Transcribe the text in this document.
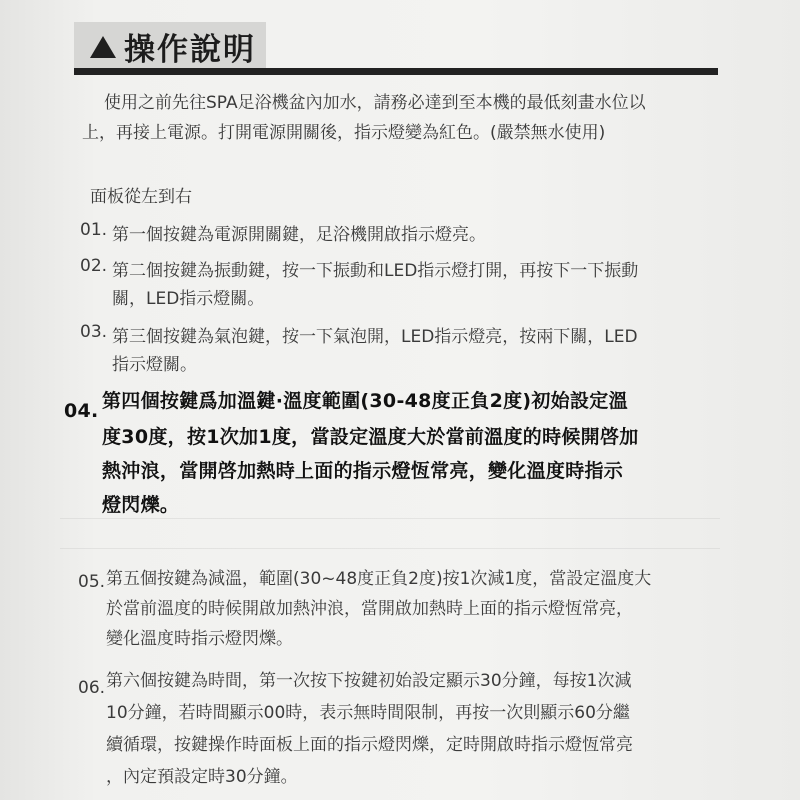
操作說明
使用之前先往SPA足浴機盆內加水，請務必達到至本機的最低刻畫水位以
上，再接上電源。打開電源開關後，指示燈變為紅色。(嚴禁無水使用)
面板從左到右
01. 第一個按鍵為電源開關鍵，足浴機開啟指示燈亮。
02. 第二個按鍵為振動鍵，按一下振動和LED指示燈打開，再按下一下振動
關，LED指示燈關。
03. 第三個按鍵為氣泡鍵，按一下氣泡開，LED指示燈亮，按兩下關，LED
指示燈關。
04. 第四個按鍵爲加溫鍵·溫度範圍(30-48度正負2度)初始設定溫
度30度，按1次加1度，當設定溫度大於當前溫度的時候開啓加
熱沖浪，當開啓加熱時上面的指示燈恆常亮，變化溫度時指示
燈閃爍。
05. 第五個按鍵為減溫，範圍(30~48度正負2度)按1次減1度，當設定溫度大
於當前溫度的時候開啟加熱沖浪，當開啟加熱時上面的指示燈恆常亮，
變化溫度時指示燈閃爍。
06. 第六個按鍵為時間，第一次按下按鍵初始設定顯示30分鐘，每按1次減
10分鐘，若時間顯示00時，表示無時間限制，再按一次則顯示60分繼
續循環，按鍵操作時面板上面的指示燈閃爍，定時開啟時指示燈恆常亮
，內定預設定時30分鐘。
